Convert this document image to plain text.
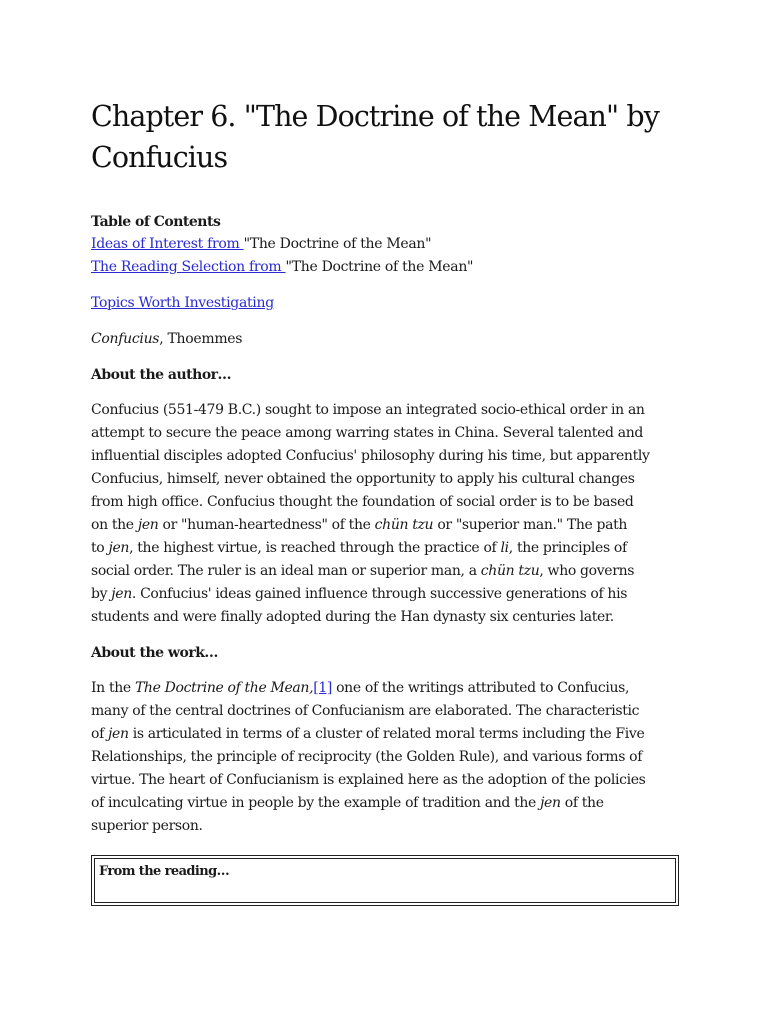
Chapter 6. "The Doctrine of the Mean" by
Confucius

Table of Contents

Ideas of Interest from "The Doctrine of the Mean"

The Reading Selection from "The Doctrine of the Mean"

Topics Worth Investigating

Confucius, Thoemmes

About the author…

Confucius (551-479 B.C.) sought to impose an integrated socio-ethical order in an
attempt to secure the peace among warring states in China. Several talented and
influential disciples adopted Confucius' philosophy during his time, but apparently
Confucius, himself, never obtained the opportunity to apply his cultural changes
from high office. Confucius thought the foundation of social order is to be based
on the jen or "human-heartedness" of the chün tzu or "superior man." The path
to jen, the highest virtue, is reached through the practice of li, the principles of
social order. The ruler is an ideal man or superior man, a chün tzu, who governs
by jen. Confucius' ideas gained influence through successive generations of his
students and were finally adopted during the Han dynasty six centuries later.

About the work…

In the The Doctrine of the Mean,[1] one of the writings attributed to Confucius,
many of the central doctrines of Confucianism are elaborated. The characteristic
of jen is articulated in terms of a cluster of related moral terms including the Five
Relationships, the principle of reciprocity (the Golden Rule), and various forms of
virtue. The heart of Confucianism is explained here as the adoption of the policies
of inculcating virtue in people by the example of tradition and the jen of the
superior person.

From the reading…
